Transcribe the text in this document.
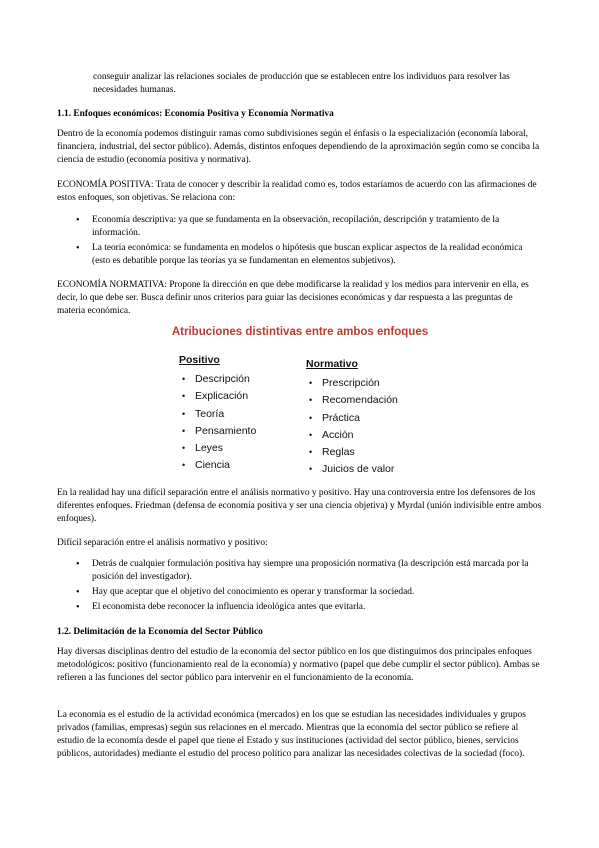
conseguir analizar las relaciones sociales de producción que se establecen entre los individuos para resolver las necesidades humanas.

1.1. Enfoques económicos: Economía Positiva y Economía Normativa

Dentro de la economía podemos distinguir ramas como subdivisiones según el énfasis o la especialización (economía laboral, financiera, industrial, del sector público). Además, distintos enfoques dependiendo de la aproximación según como se conciba la ciencia de estudio (economía positiva y normativa).

ECONOMÍA POSITIVA: Trata de conocer y describir la realidad como es, todos estaríamos de acuerdo con las afirmaciones de estos enfoques, son objetivas. Se relaciona con:

• Economía descriptiva: ya que se fundamenta en la observación, recopilación, descripción y tratamiento de la información.
• La teoría económica: se fundamenta en modelos o hipótesis que buscan explicar aspectos de la realidad económica (esto es debatible porque las teorías ya se fundamentan en elementos subjetivos).

ECONOMÍA NORMATIVA: Propone la dirección en que debe modificarse la realidad y los medios para intervenir en ella, es decir, lo que debe ser. Busca definir unos criterios para guiar las decisiones económicas y dar respuesta a las preguntas de materia económica.

Atribuciones distintivas entre ambos enfoques
Positivo
• Descripción
• Explicación
• Teoría
• Pensamiento
• Leyes
• Ciencia
Normativo
• Prescripción
• Recomendación
• Práctica
• Acción
• Reglas
• Juicios de valor

En la realidad hay una difícil separación entre el análisis normativo y positivo. Hay una controversia entre los defensores de los diferentes enfoques. Friedman (defensa de economía positiva y ser una ciencia objetiva) y Myrdal (unión indivisible entre ambos enfoques).

Difícil separación entre el análisis normativo y positivo:

• Detrás de cualquier formulación positiva hay siempre una proposición normativa (la descripción está marcada por la posición del investigador).
• Hay que aceptar que el objetivo del conocimiento es operar y transformar la sociedad.
• El economista debe reconocer la influencia ideológica antes que evitarla.

1.2. Delimitación de la Economía del Sector Público

Hay diversas disciplinas dentro del estudio de la economía del sector público en los que distinguimos dos principales enfoques metodológicos: positivo (funcionamiento real de la economía) y normativo (papel que debe cumplir el sector público). Ambas se refieren a las funciones del sector público para intervenir en el funcionamiento de la economía.

La economía es el estudio de la actividad económica (mercados) en los que se estudian las necesidades individuales y grupos privados (familias, empresas) según sus relaciones en el mercado. Mientras que la economía del sector público se refiere al estudio de la economía desde el papel que tiene el Estado y sus instituciones (actividad del sector público, bienes, servicios públicos, autoridades) mediante el estudio del proceso político para analizar las necesidades colectivas de la sociedad (foco).
